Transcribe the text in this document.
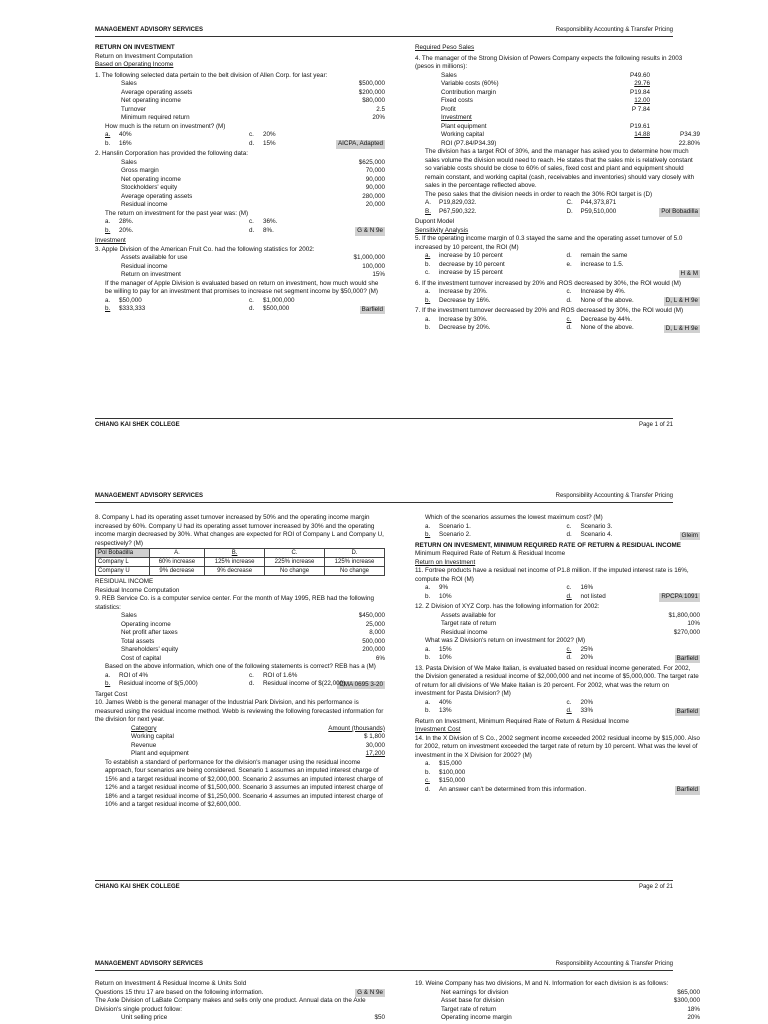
MANAGEMENT ADVISORY SERVICES	Responsibility Accounting & Transfer Pricing
RETURN ON INVESTMENT
Return on Investment Computation
Based on Operating Income
1. The following selected data pertain to the belt division of Allen Corp. for last year:
Sales	$500,000
Average operating assets	$200,000
Net operating income	$80,000
Turnover	2.5
Minimum required return	20%
How much is the return on investment? (M)
a.	40%	c.	20%
b.	16%	d.	15%	AICPA, Adapted
2. Hanslin Corporation has provided the following data:
Sales	$625,000
Gross margin	70,000
Net operating income	90,000
Stockholders' equity	90,000
Average operating assets	280,000
Residual income	20,000
The return on investment for the past year was: (M)
a.	28%.	c.	36%.
b.	20%.	d.	8%.	G & N 9e
Investment
3. Apple Division of the American Fruit Co. had the following statistics for 2002:
Assets available for use	$1,000,000
Residual income	100,000
Return on investment	15%
If the manager of Apple Division is evaluated based on return on investment, how much would she be willing to pay for an investment that promises to increase net segment income by $50,000? (M)
a.	$50,000	c.	$1,000,000
b.	$333,333	d.	$500,000	Barfield
Required Peso Sales
4. The manager of the Strong Division of Powers Company expects the following results in 2003 (pesos in millions):
Sales	P49.60
Variable costs (60%)	29.76
Contribution margin	P19.84
Fixed costs	12.00
Profit	P 7.84
Investment
Plant equipment	P19.61
Working capital	14.88	P34.39
ROI (P7.84/P34.39)	22.80%
The division has a target ROI of 30%, and the manager has asked you to determine how much sales volume the division would need to reach. He states that the sales mix is relatively constant so variable costs should be close to 60% of sales, fixed cost and plant and equipment should remain constant, and working capital (cash, receivables and inventories) should vary closely with sales in the percentage reflected above.
The peso sales that the division needs in order to reach the 30% ROI target is (D)
A.	P19,829,032.	C. P44,373,871
B.	P67,590,322.	D. P59,510,000	Pol Bobadilla
Dupont Model
Sensitivity Analysis
5. If the operating income margin of 0.3 stayed the same and the operating asset turnover of 5.0 increased by 10 percent, the ROI (M)
a.	increase by 10 percent	d.	remain the same
b.	decrease by 10 percent	e.	increase to 1.5.
c.	increase by 15 percent	H & M
6. If the investment turnover increased by 20% and ROS decreased by 30%, the ROI would (M)
a.	Increase by 20%.	c.	Increase by 4%.
b.	Decrease by 16%.	d.	None of the above.	D, L & H 9e
7. If the investment turnover decreased by 20% and ROS decreased by 30%, the ROI would (M)
a.	Increase by 30%.	c.	Decrease by 44%.
b.	Decrease by 20%.	d.	None of the above.	D, L & H 9e
CHIANG KAI SHEK COLLEGE	Page 1 of 21
MANAGEMENT ADVISORY SERVICES	Responsibility Accounting & Transfer Pricing
8. Company L had its operating asset turnover increased by 50% and the operating income margin increased by 60%. Company U had its operating asset turnover increased by 30% and the operating income margin decreased by 30%. What changes are expected for ROI of Company L and Company U, respectively? (M)
Pol Bobadilla	A.	B.	C.	D.
Company L	60% increase	125% increase	225% increase	125% increase
Company U	9% decrease	9% decrease	No change	No change
RESIDUAL INCOME
Residual Income Computation
9. REB Service Co. is a computer service center. For the month of May 1995, REB had the following statistics:
Sales	$450,000
Operating income	25,000
Net profit after taxes	8,000
Total assets	500,000
Shareholders' equity	200,000
Cost of capital	6%
Based on the above information, which one of the following statements is correct? REB has a (M)
a.	ROI of 4%	c.	ROI of 1.6%
b.	Residual income of $(5,000)	d.	Residual income of $(22,000)
CMA 0695 3-20
Target Cost
10. James Webb is the general manager of the Industrial Park Division, and his performance is measured using the residual income method. Webb is reviewing the following forecasted information for the division for next year.
Category	Amount (thousands)
Working capital	$ 1,800
Revenue	30,000
Plant and equipment	17,200
To establish a standard of performance for the division's manager using the residual income approach, four scenarios are being considered. Scenario 1 assumes an imputed interest charge of 15% and a target residual income of $2,000,000. Scenario 2 assumes an imputed interest charge of 12% and a target residual income of $1,500,000. Scenario 3 assumes an imputed interest charge of 18% and a target residual income of $1,250,000. Scenario 4 assumes an imputed interest charge of 10% and a target residual income of $2,600,000.
Which of the scenarios assumes the lowest maximum cost? (M)
a.	Scenario 1.	c.	Scenario 3.
b.	Scenario 2.	d.	Scenario 4.	Gleim
RETURN ON INVESMENT, MINIMUM REQUIRED RATE OF RETURN & RESIDUAL INCOME
Minimum Required Rate of Return & Residual Income
Return on Investment
11. Fortree products have a residual net income of P1.8 million. If the imputed interest rate is 16%, compute the ROI (M)
a.	9%	c.	16%
b.	10%	d.	not listed	RPCPA 1091
12. Z Division of XYZ Corp. has the following information for 2002:
Assets available for	$1,800,000
Target rate of return	10%
Residual income	$270,000
What was Z Division's return on investment for 2002? (M)
a.	15%	c.	25%
b.	10%	d.	20%	Barfield
13. Pasta Division of We Make Italian, is evaluated based on residual income generated. For 2002, the Division generated a residual income of $2,000,000 and net income of $5,000,000. The target rate of return for all divisions of We Make Italian is 20 percent. For 2002, what was the return on investment for Pasta Division? (M)
a.	40%	c.	20%
b.	13%	d.	33%	Barfield
Return on Investment, Minimum Required Rate of Return & Residual Income
Investment Cost
14. In the X Division of S Co., 2002 segment income exceeded 2002 residual income by $15,000. Also for 2002, return on investment exceeded the target rate of return by 10 percent. What was the level of investment in the X Division for 2002? (M)
a.	$15,000
b.	$100,000
c.	$150,000
d.	An answer can't be determined from this information.	Barfield
CHIANG KAI SHEK COLLEGE	Page 2 of 21
MANAGEMENT ADVISORY SERVICES	Responsibility Accounting & Transfer Pricing
Return on Investment & Residual Income & Units Sold
Questions 15 thru 17 are based on the following information.	G & N 9e
The Axle Division of LaBate Company makes and sells only one product. Annual data on the Axle Division's single product follow:
Unit selling price	$50
19. Weine Company has two divisions, M and N. Information for each division is as follows:
Net earnings for division	$65,000
Asset base for division	$300,000
Target rate of return	18%
Operating income margin	20%
